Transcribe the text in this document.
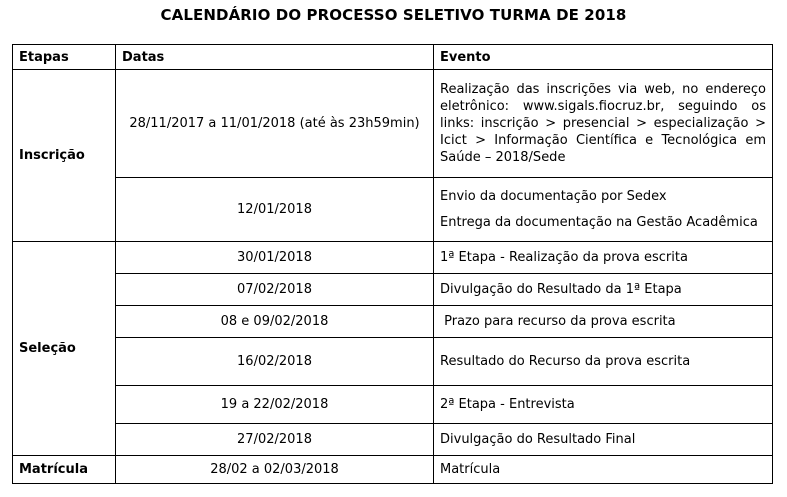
CALENDÁRIO DO PROCESSO SELETIVO TURMA DE 2018
Etapas	Datas	Evento
Inscrição	28/11/2017 a 11/01/2018 (até às 23h59min)	Realização das inscrições via web, no endereço eletrônico: www.sigals.fiocruz.br, seguindo os links: inscrição > presencial > especialização > Icict > Informação Científica e Tecnológica em Saúde – 2018/Sede
	12/01/2018	Envio da documentação por Sedex
Entrega da documentação na Gestão Acadêmica

Seleção	30/01/2018	1ª Etapa - Realização da prova escrita
	07/02/2018	Divulgação do Resultado da 1ª Etapa
	08 e 09/02/2018	Prazo para recurso da prova escrita
	16/02/2018	Resultado do Recurso da prova escrita
	19 a 22/02/2018	2ª Etapa - Entrevista
	27/02/2018	Divulgação do Resultado Final
Matrícula	28/02 a 02/03/2018	Matrícula
